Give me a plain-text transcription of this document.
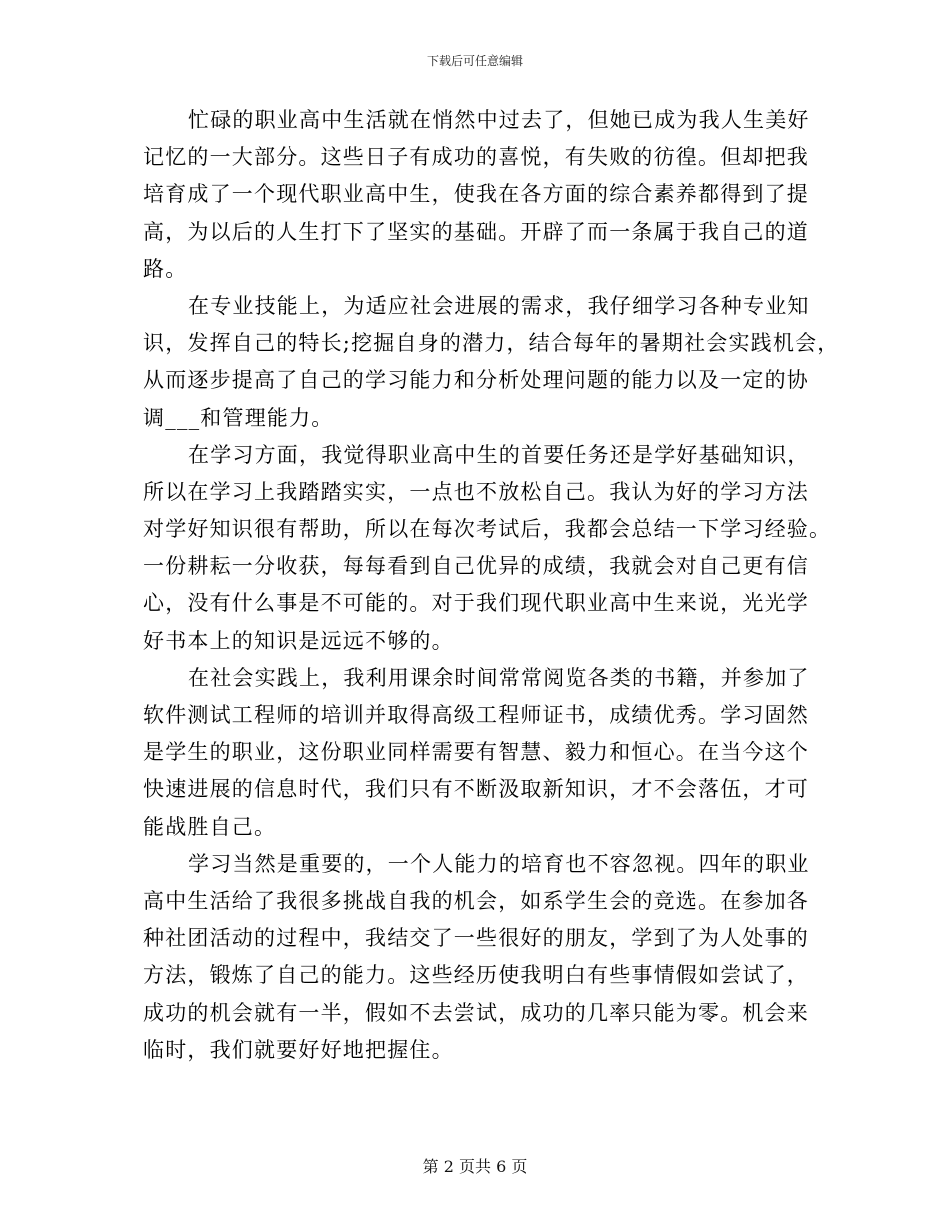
下载后可任意编辑

忙碌的职业高中生活就在悄然中过去了，但她已成为我人生美好
记忆的一大部分。这些日子有成功的喜悦，有失败的彷徨。但却把我
培育成了一个现代职业高中生，使我在各方面的综合素养都得到了提
高，为以后的人生打下了坚实的基础。开辟了而一条属于我自己的道
路。

在专业技能上，为适应社会进展的需求，我仔细学习各种专业知
识，发挥自己的特长;挖掘自身的潜力，结合每年的暑期社会实践机会，
从而逐步提高了自己的学习能力和分析处理问题的能力以及一定的协
调___和管理能力。

在学习方面，我觉得职业高中生的首要任务还是学好基础知识，
所以在学习上我踏踏实实，一点也不放松自己。我认为好的学习方法
对学好知识很有帮助，所以在每次考试后，我都会总结一下学习经验。
一份耕耘一分收获，每每看到自己优异的成绩，我就会对自己更有信
心，没有什么事是不可能的。对于我们现代职业高中生来说，光光学
好书本上的知识是远远不够的。

在社会实践上，我利用课余时间常常阅览各类的书籍，并参加了
软件测试工程师的培训并取得高级工程师证书，成绩优秀。学习固然
是学生的职业，这份职业同样需要有智慧、毅力和恒心。在当今这个
快速进展的信息时代，我们只有不断汲取新知识，才不会落伍，才可
能战胜自己。

学习当然是重要的，一个人能力的培育也不容忽视。四年的职业
高中生活给了我很多挑战自我的机会，如系学生会的竞选。在参加各
种社团活动的过程中，我结交了一些很好的朋友，学到了为人处事的
方法，锻炼了自己的能力。这些经历使我明白有些事情假如尝试了，
成功的机会就有一半，假如不去尝试，成功的几率只能为零。机会来
临时，我们就要好好地把握住。

第 2 页共 6 页
